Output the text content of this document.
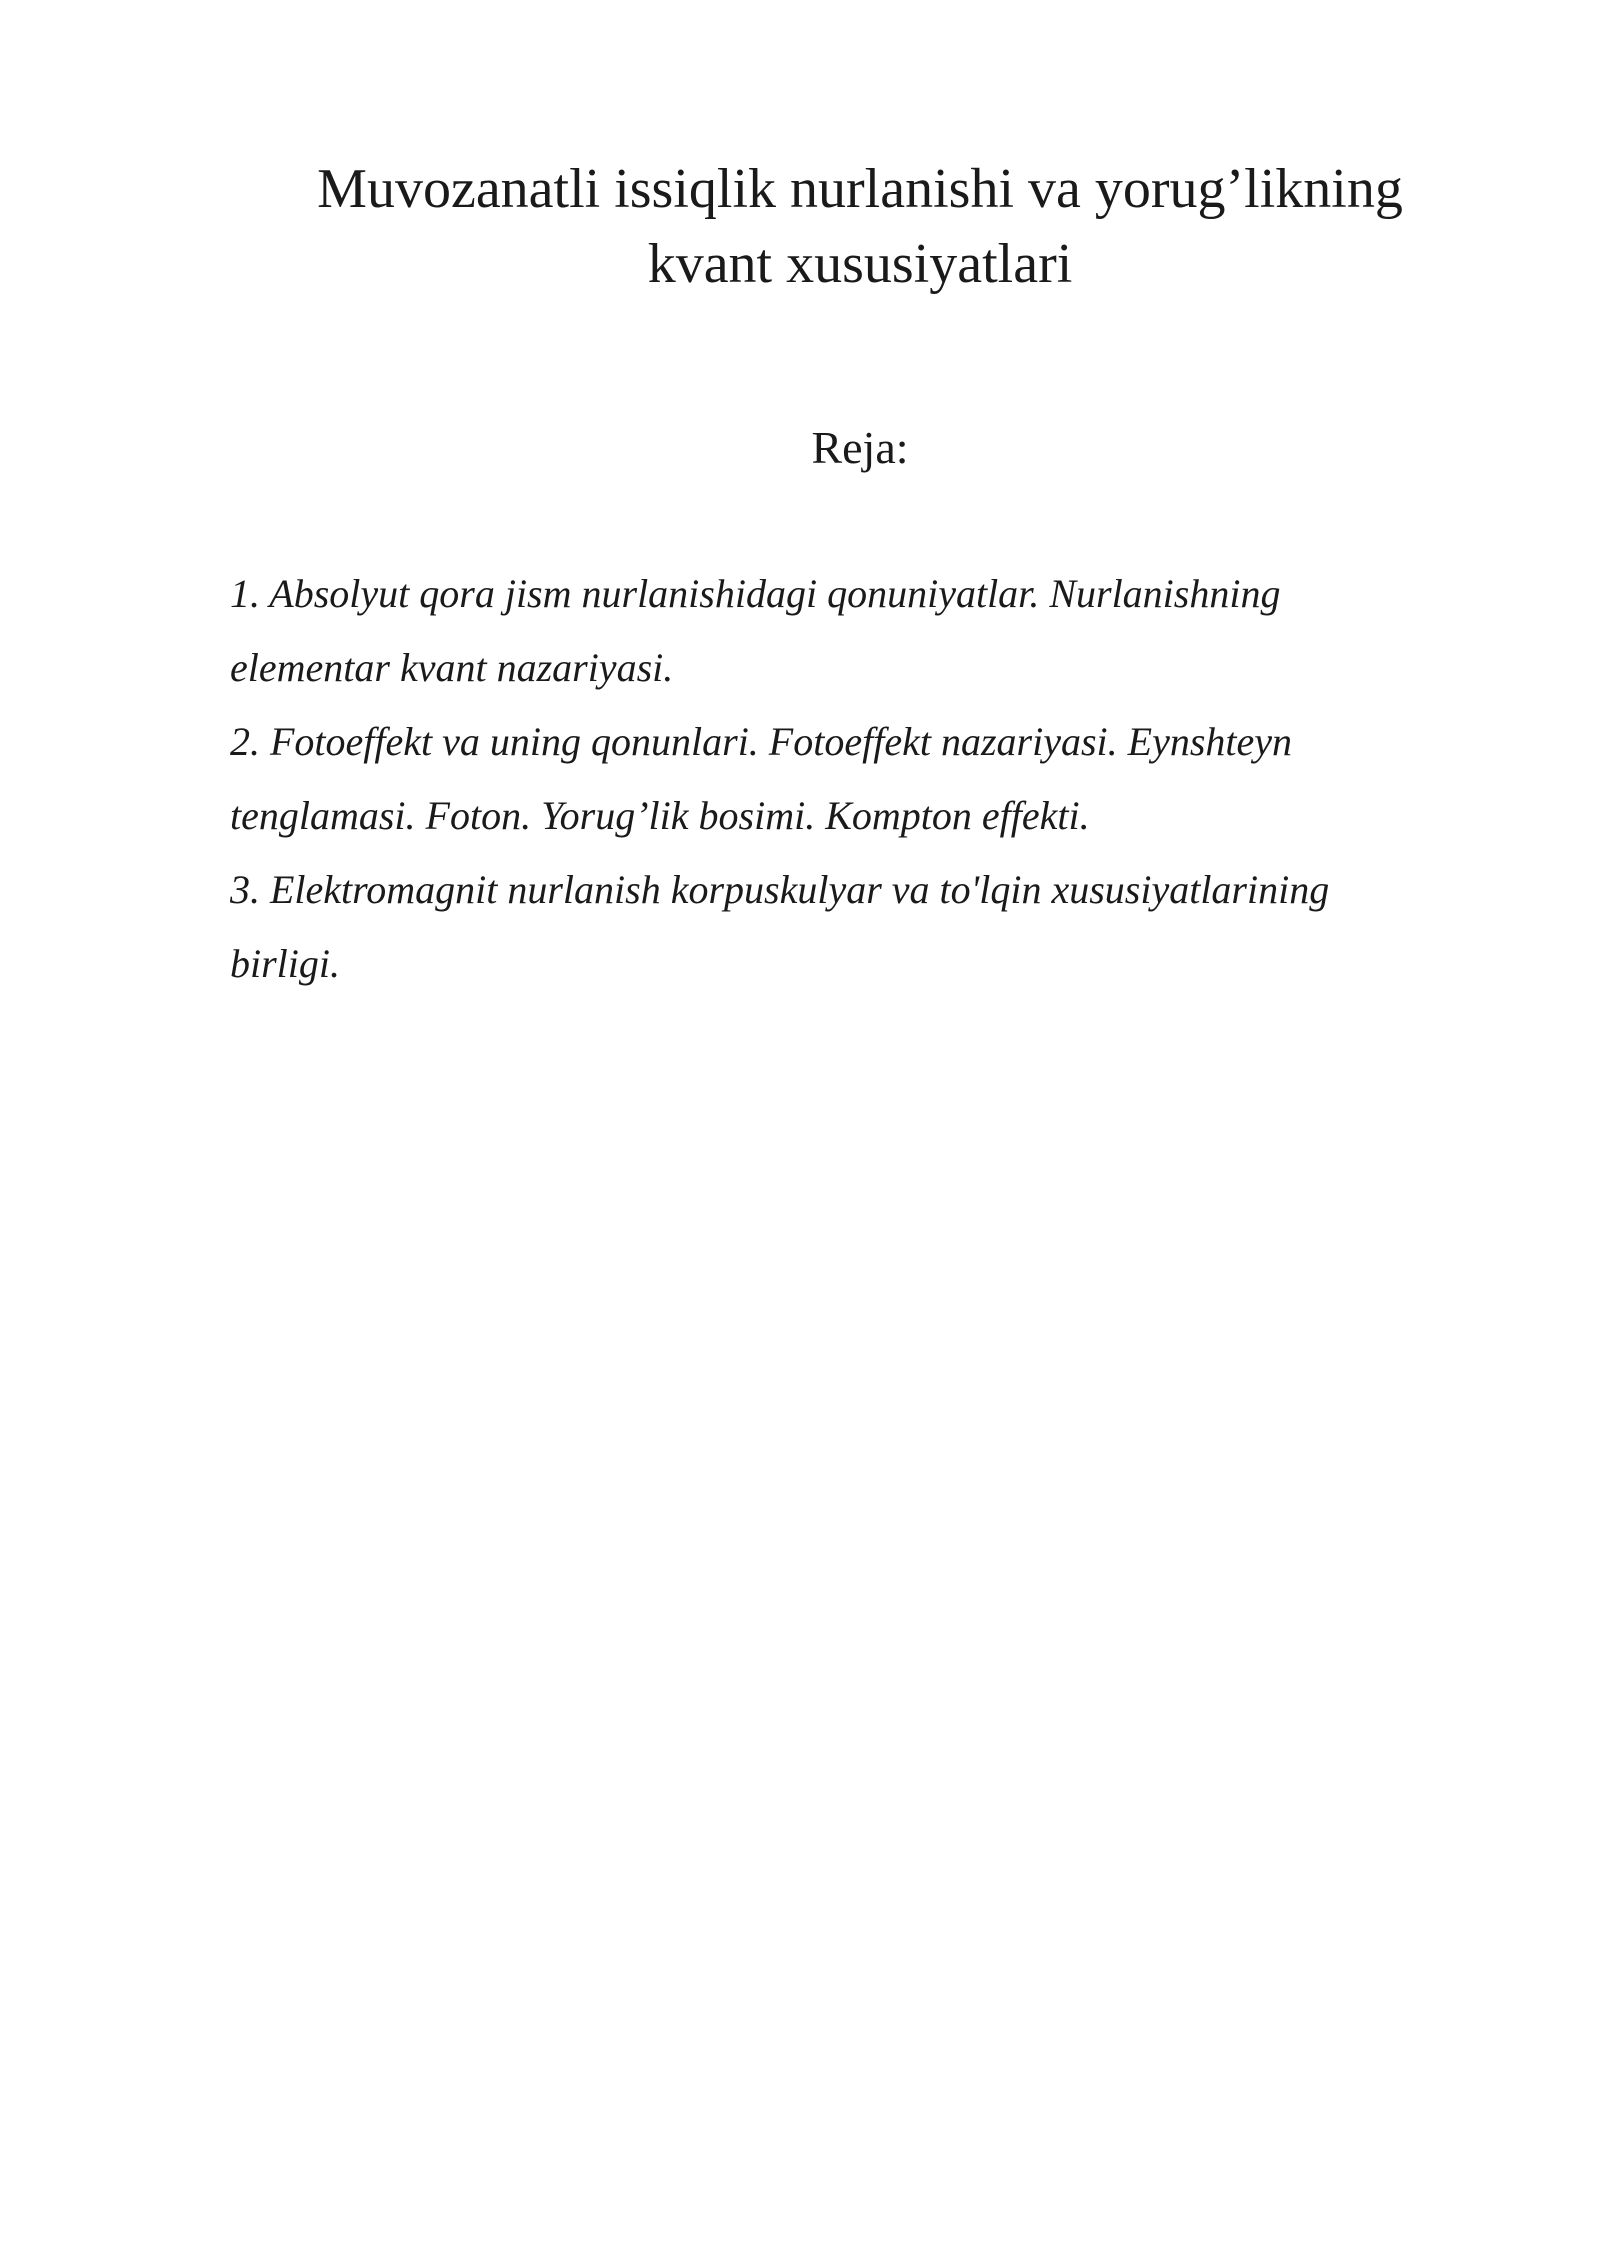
Muvozanatli issiqlik nurlanishi va yorug’likning
kvant xususiyatlari
Reja:
1. Absolyut qora jism nurlanishidagi qonuniyatlar. Nurlanishning
elementar kvant nazariyasi.
2. Fotoeffekt va uning qonunlari. Fotoeffekt nazariyasi. Eynshteyn
tenglamasi. Foton. Yorug’lik bosimi. Kompton effekti.
3. Elektromagnit nurlanish korpuskulyar va to'lqin xususiyatlarining
birligi.
